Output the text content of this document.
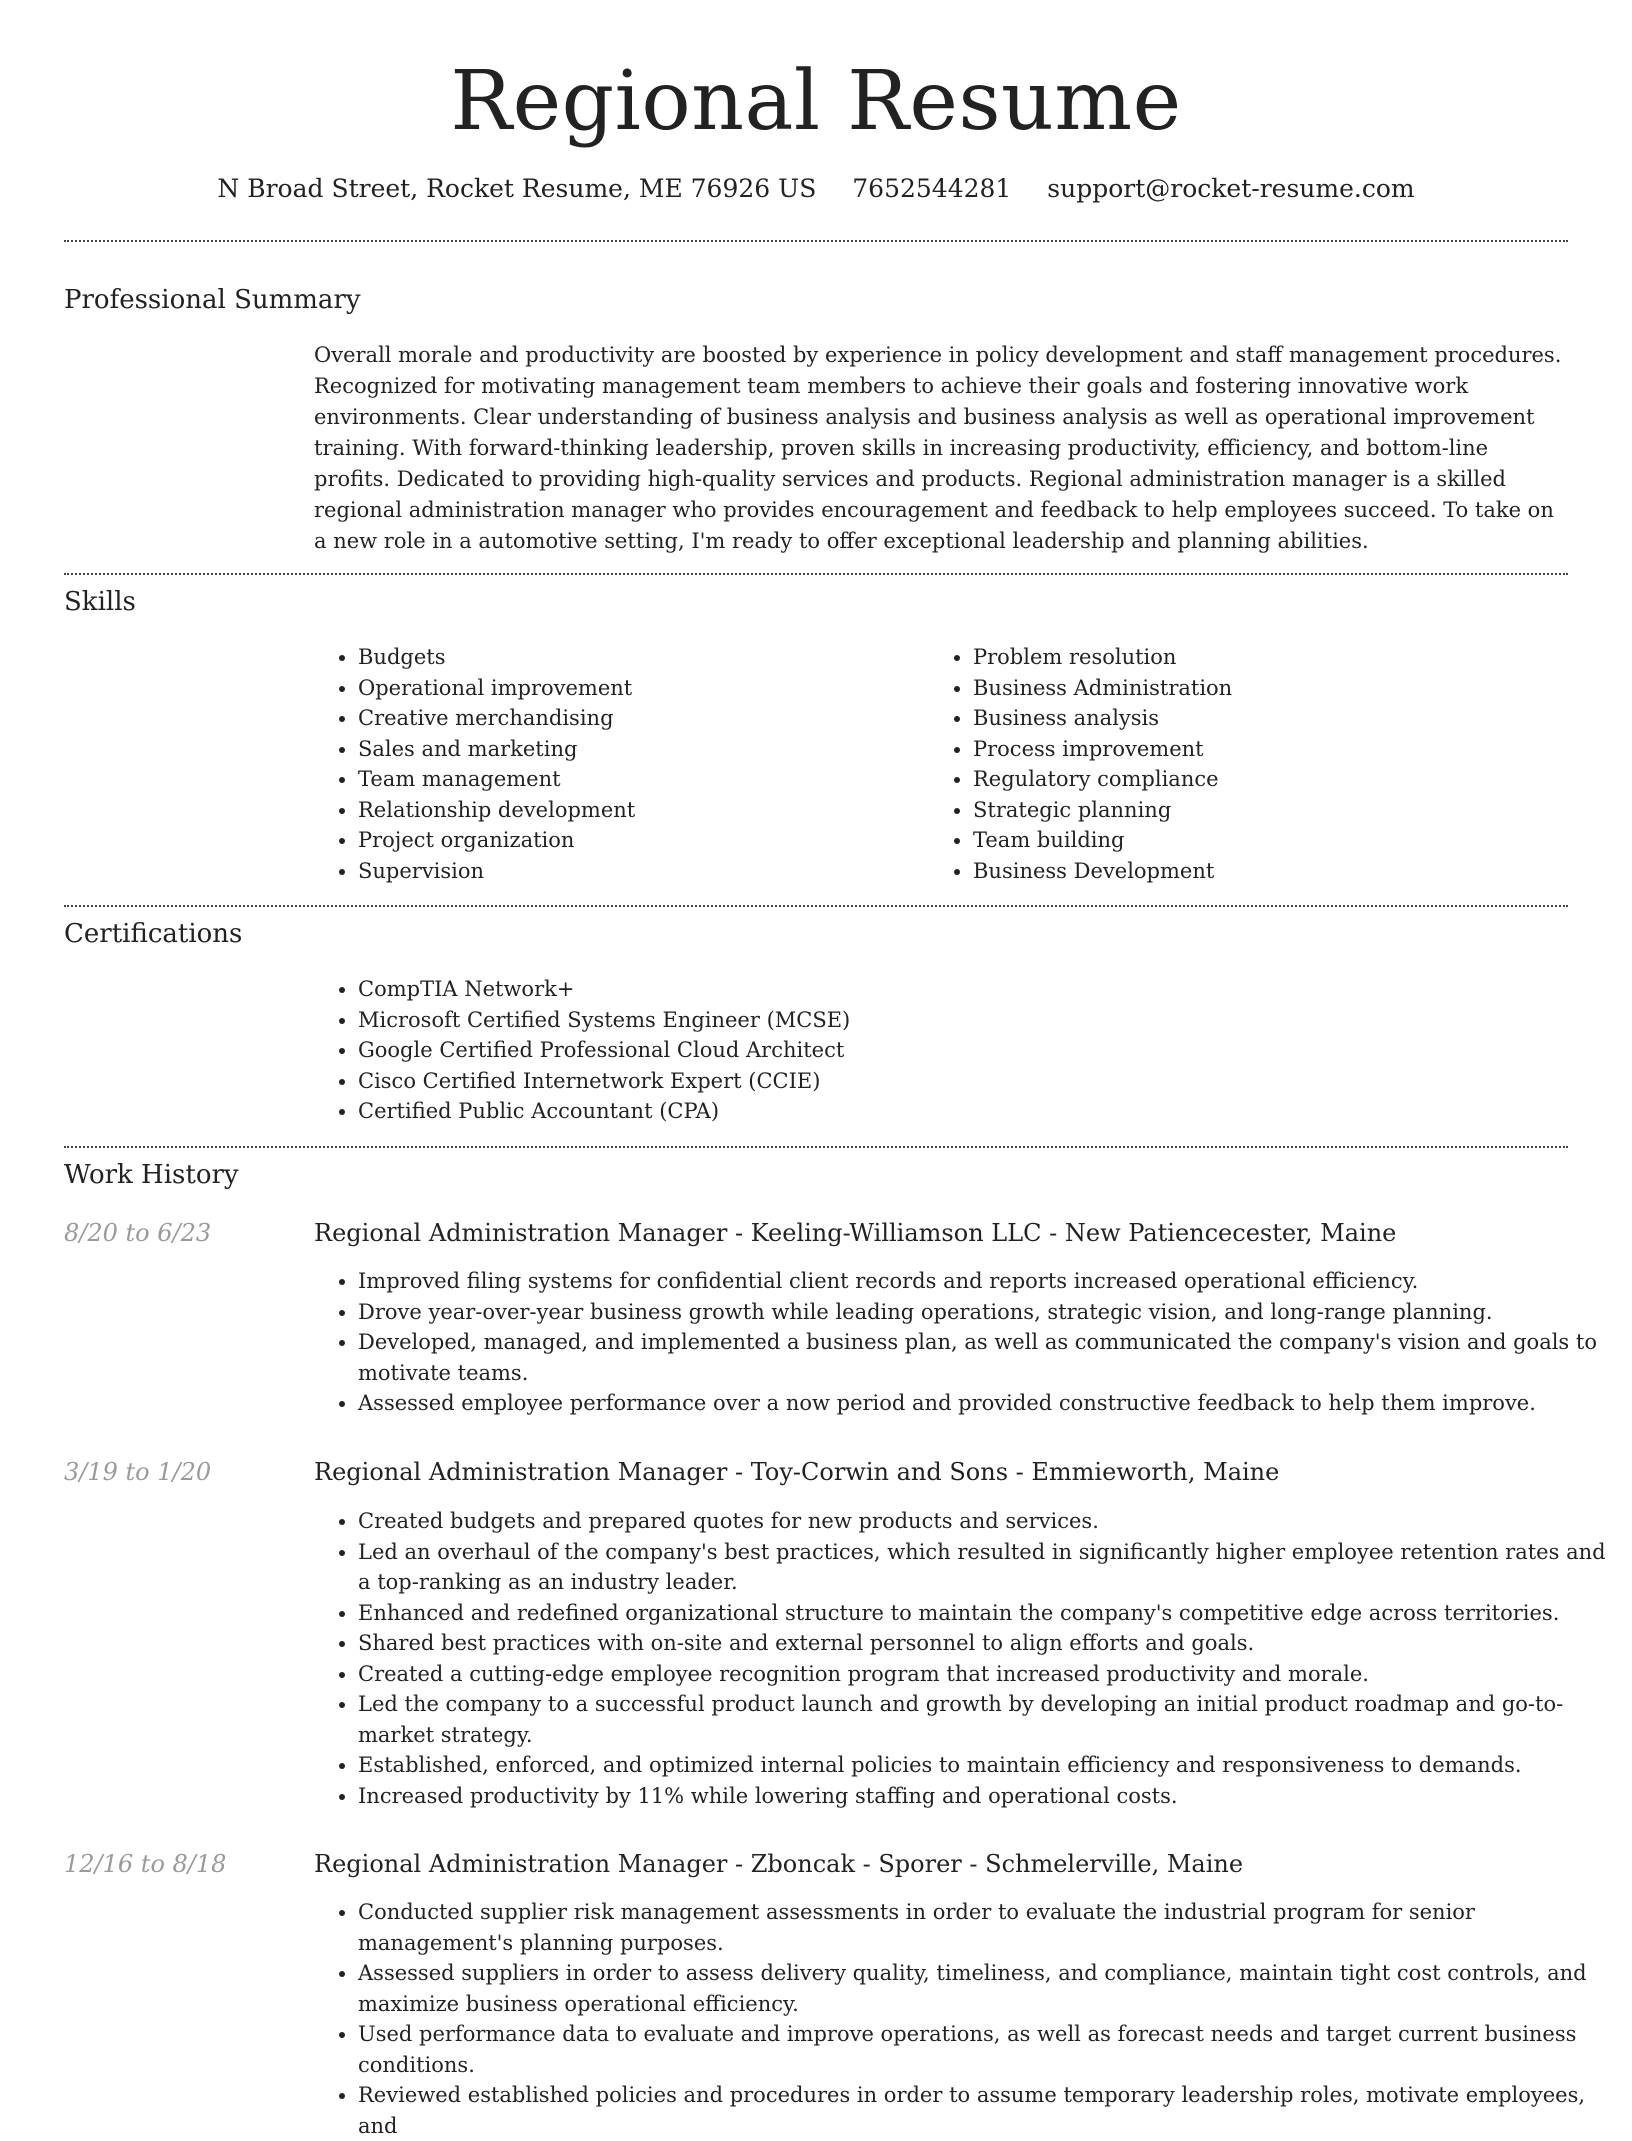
Regional Resume
N Broad Street, Rocket Resume, ME 76926 US 7652544281 support@rocket-resume.com
Professional Summary

Overall morale and productivity are boosted by experience in policy development and staff management procedures. Recognized for motivating management team members to achieve their goals and fostering innovative work environments. Clear understanding of business analysis and business analysis as well as operational improvement training. With forward-thinking leadership, proven skills in increasing productivity, efficiency, and bottom-line profits. Dedicated to providing high-quality services and products. Regional administration manager is a skilled regional administration manager who provides encouragement and feedback to help employees succeed. To take on a new role in a automotive setting, I'm ready to offer exceptional leadership and planning abilities.

Skills
• Budgets
• Operational improvement
• Creative merchandising
• Sales and marketing
• Team management
• Relationship development
• Project organization
• Supervision
• Problem resolution
• Business Administration
• Business analysis
• Process improvement
• Regulatory compliance
• Strategic planning
• Team building
• Business Development
Certifications
• CompTIA Network+
• Microsoft Certified Systems Engineer (MCSE)
• Google Certified Professional Cloud Architect
• Cisco Certified Internetwork Expert (CCIE)
• Certified Public Accountant (CPA)
Work History
8/20 to 6/23	Regional Administration Manager - Keeling-Williamson LLC - New Patiencecester, Maine
• Improved filing systems for confidential client records and reports increased operational efficiency.
• Drove year-over-year business growth while leading operations, strategic vision, and long-range planning.
• Developed, managed, and implemented a business plan, as well as communicated the company's vision and goals to motivate teams.
• Assessed employee performance over a now period and provided constructive feedback to help them improve.
3/19 to 1/20	Regional Administration Manager - Toy-Corwin and Sons - Emmieworth, Maine
• Created budgets and prepared quotes for new products and services.
• Led an overhaul of the company's best practices, which resulted in significantly higher employee retention rates and a top-ranking as an industry leader.
• Enhanced and redefined organizational structure to maintain the company's competitive edge across territories.
• Shared best practices with on-site and external personnel to align efforts and goals.
• Created a cutting-edge employee recognition program that increased productivity and morale.
• Led the company to a successful product launch and growth by developing an initial product roadmap and go-to-market strategy.
• Established, enforced, and optimized internal policies to maintain efficiency and responsiveness to demands.
• Increased productivity by 11% while lowering staffing and operational costs.
12/16 to 8/18	Regional Administration Manager - Zboncak - Sporer - Schmelerville, Maine
• Conducted supplier risk management assessments in order to evaluate the industrial program for senior management's planning purposes.
• Assessed suppliers in order to assess delivery quality, timeliness, and compliance, maintain tight cost controls, and maximize business operational efficiency.
• Used performance data to evaluate and improve operations, as well as forecast needs and target current business conditions.
• Reviewed established policies and procedures in order to assume temporary leadership roles, motivate employees, and
